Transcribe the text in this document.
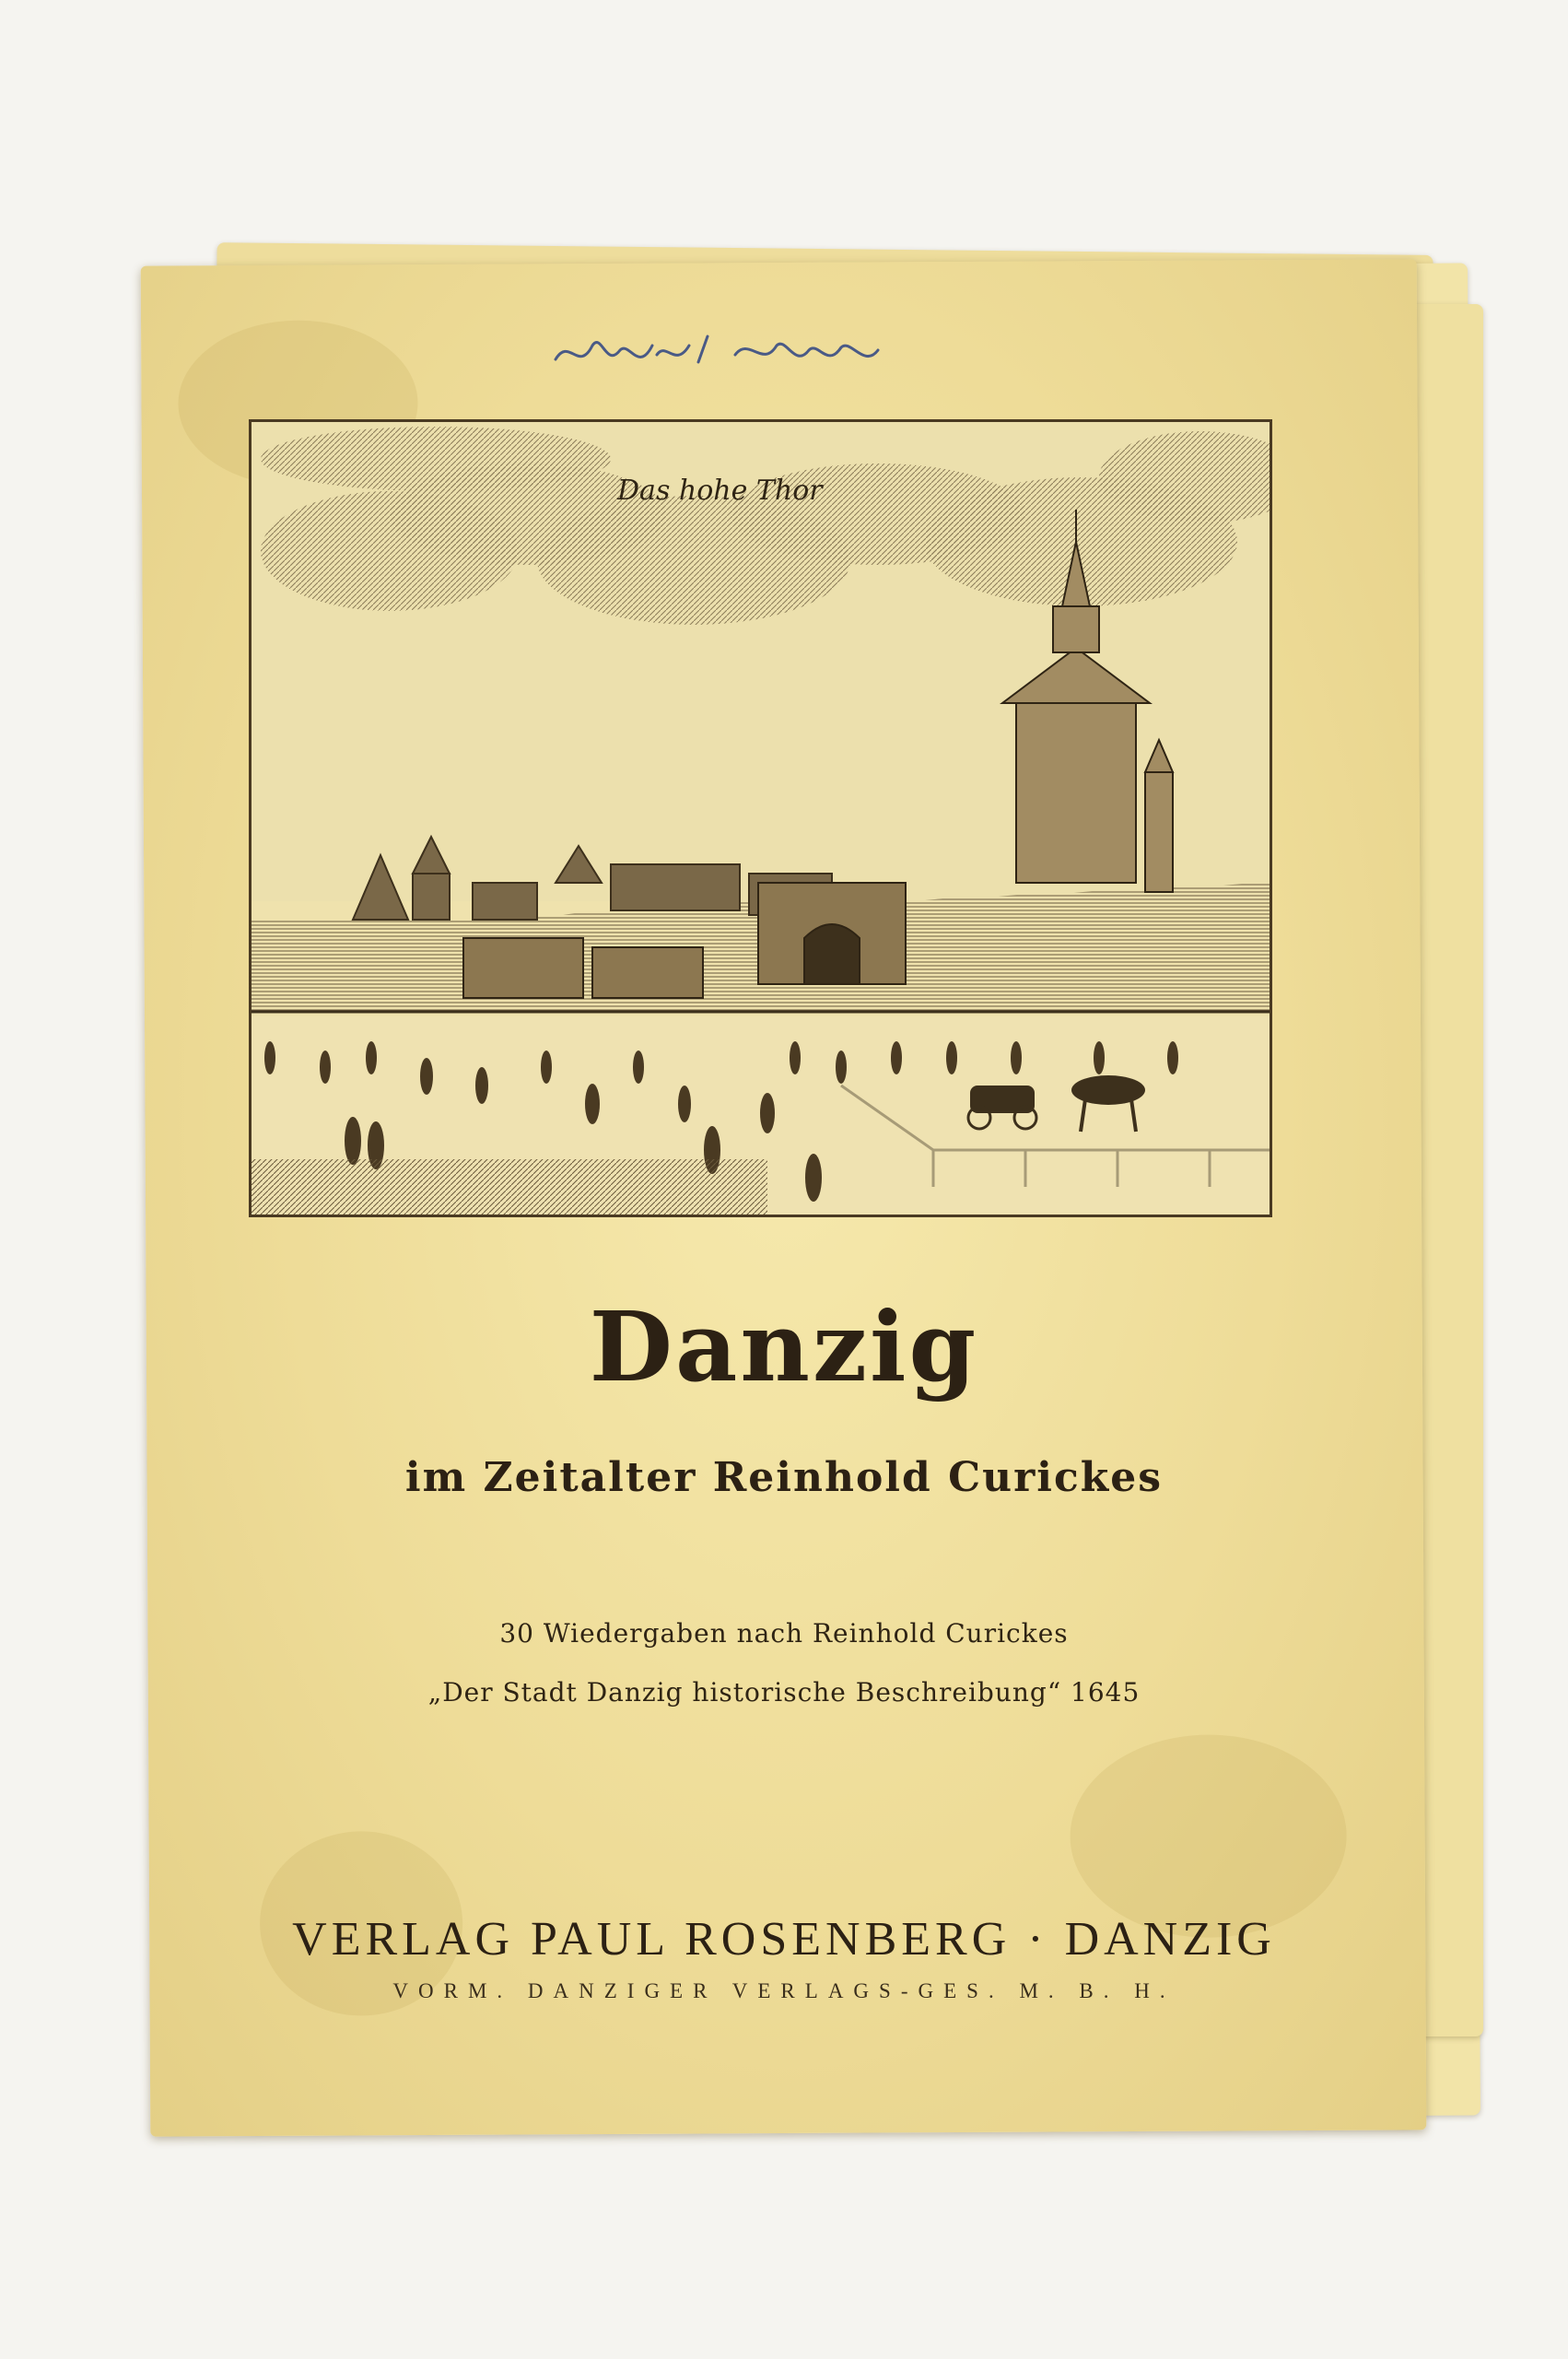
Das hohe Thor
Danzig
im Zeitalter Reinhold Curickes
30 Wiedergaben nach Reinhold Curickes
„Der Stadt Danzig historische Beschreibung“ 1645
VERLAG PAUL ROSENBERG · DANZIG
VORM. DANZIGER VERLAGS-GES. M. B. H.
